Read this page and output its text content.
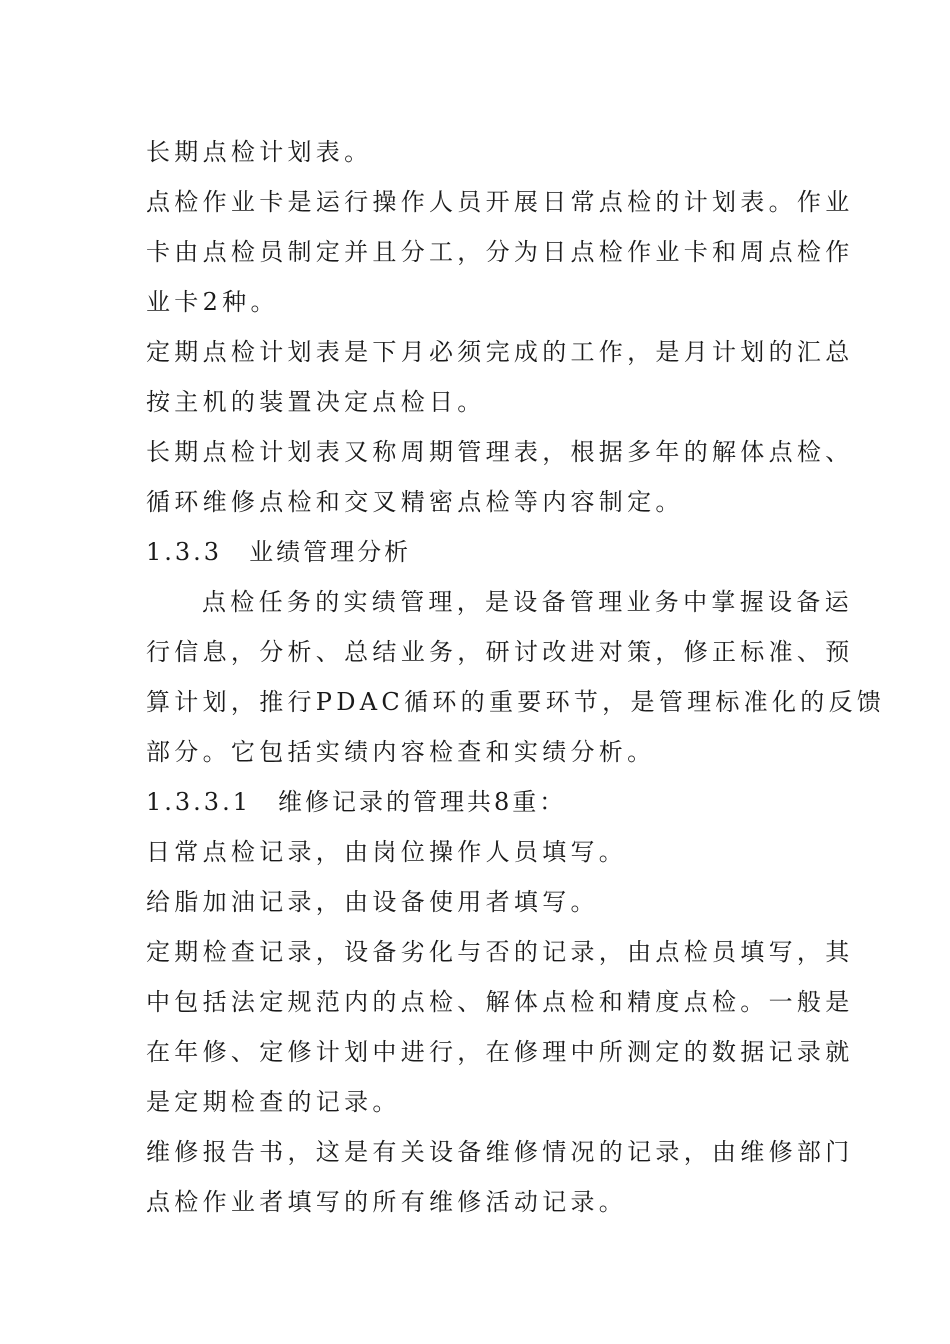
长期点检计划表。

点检作业卡是运行操作人员开展日常点检的计划表。作业

卡由点检员制定并且分工，分为日点检作业卡和周点检作

业卡2种。

定期点检计划表是下月必须完成的工作，是月计划的汇总

按主机的装置决定点检日。

长期点检计划表又称周期管理表，根据多年的解体点检、

循环维修点检和交叉精密点检等内容制定。

1.3.3　业绩管理分析

点检任务的实绩管理，是设备管理业务中掌握设备运

行信息，分析、总结业务，研讨改进对策，修正标准、预

算计划，推行PDAC循环的重要环节，是管理标准化的反馈

部分。它包括实绩内容检查和实绩分析。

1.3.3.1　维修记录的管理共8重：

日常点检记录，由岗位操作人员填写。

给脂加油记录，由设备使用者填写。

定期检查记录，设备劣化与否的记录，由点检员填写，其

中包括法定规范内的点检、解体点检和精度点检。一般是

在年修、定修计划中进行，在修理中所测定的数据记录就

是定期检查的记录。

维修报告书，这是有关设备维修情况的记录，由维修部门

点检作业者填写的所有维修活动记录。
